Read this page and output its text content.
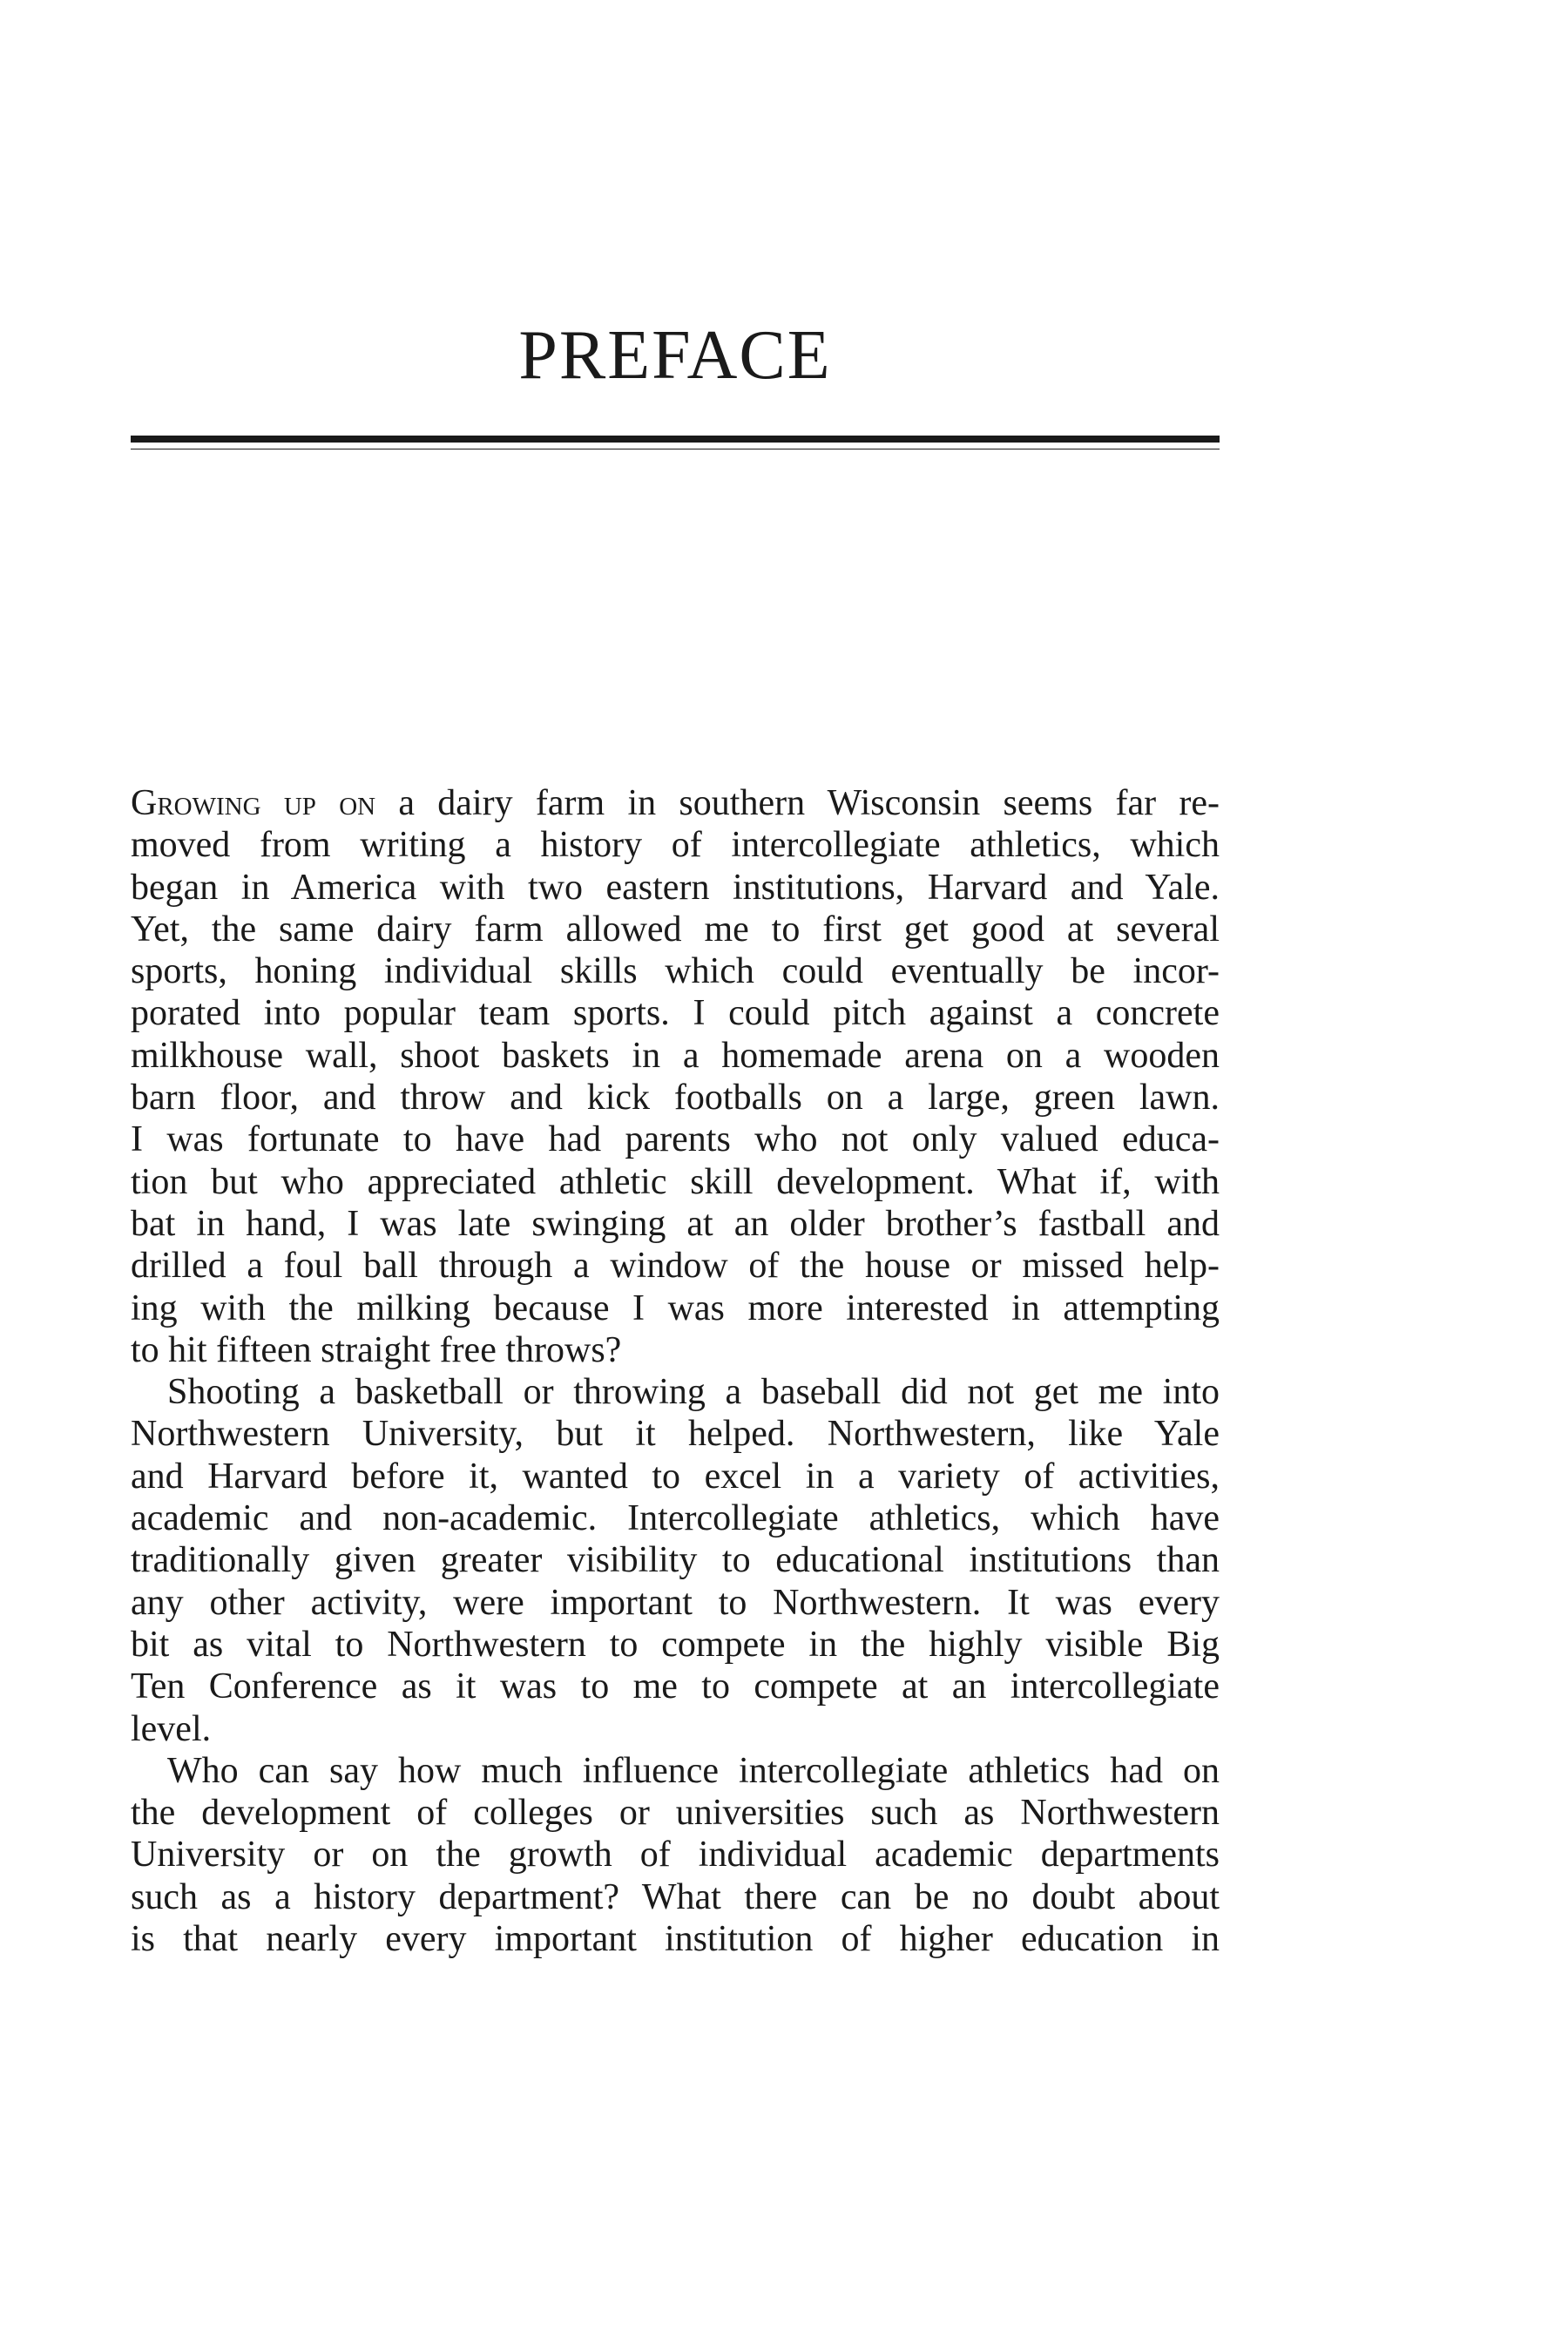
PREFACE
Growing up on a dairy farm in southern Wisconsin seems far re-
moved from writing a history of intercollegiate athletics, which
began in America with two eastern institutions, Harvard and Yale.
Yet, the same dairy farm allowed me to first get good at several
sports, honing individual skills which could eventually be incor-
porated into popular team sports. I could pitch against a concrete
milkhouse wall, shoot baskets in a homemade arena on a wooden
barn floor, and throw and kick footballs on a large, green lawn.
I was fortunate to have had parents who not only valued educa-
tion but who appreciated athletic skill development. What if, with
bat in hand, I was late swinging at an older brother’s fastball and
drilled a foul ball through a window of the house or missed help-
ing with the milking because I was more interested in attempting
to hit fifteen straight free throws?
Shooting a basketball or throwing a baseball did not get me into
Northwestern University, but it helped. Northwestern, like Yale
and Harvard before it, wanted to excel in a variety of activities,
academic and non-academic. Intercollegiate athletics, which have
traditionally given greater visibility to educational institutions than
any other activity, were important to Northwestern. It was every
bit as vital to Northwestern to compete in the highly visible Big
Ten Conference as it was to me to compete at an intercollegiate
level.
Who can say how much influence intercollegiate athletics had on
the development of colleges or universities such as Northwestern
University or on the growth of individual academic departments
such as a history department? What there can be no doubt about
is that nearly every important institution of higher education in
